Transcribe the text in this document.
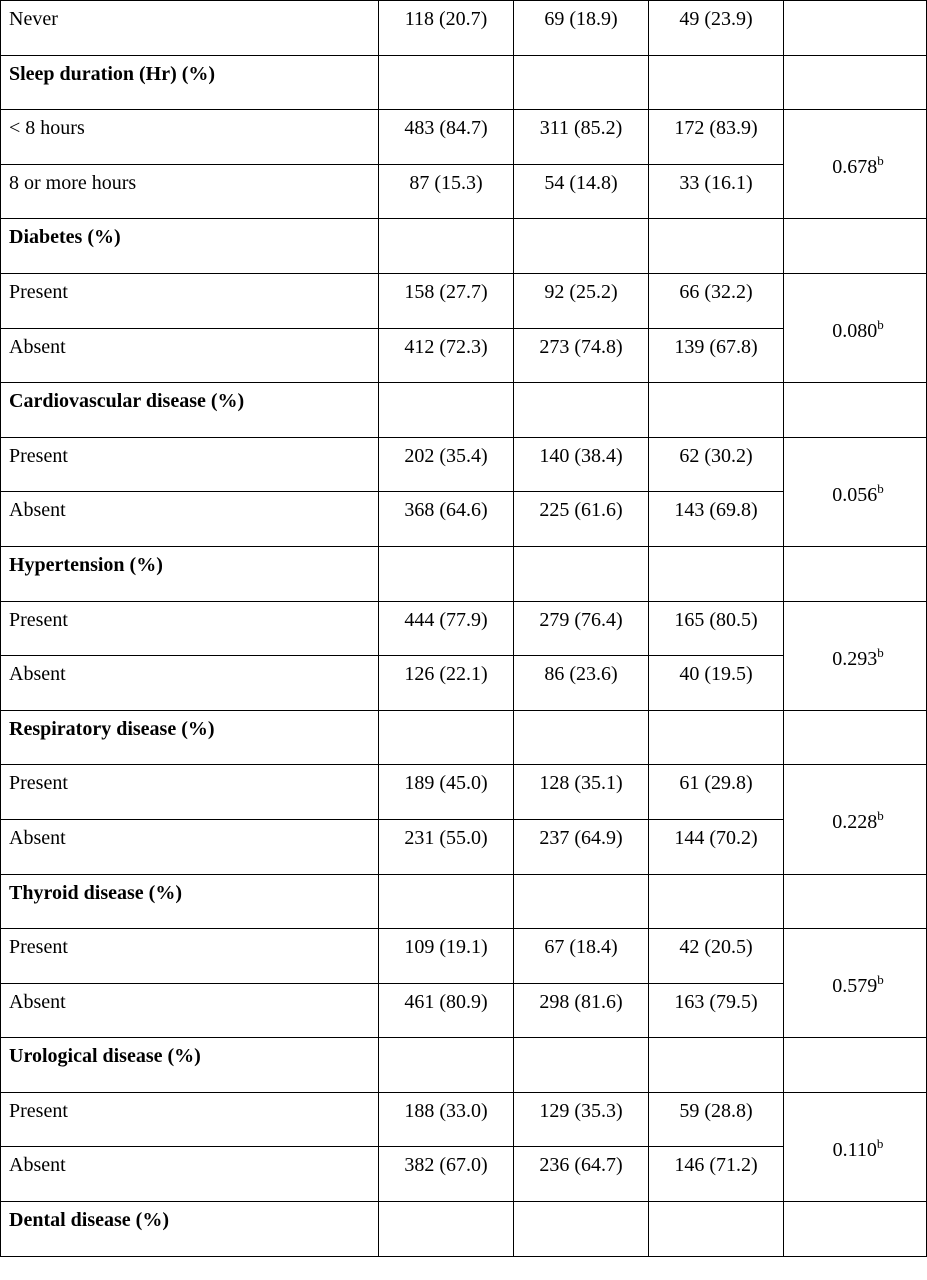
Never	118 (20.7)	69 (18.9)	49 (23.9)	

Sleep duration (Hr) (%)				

< 8 hours	483 (84.7)	311 (85.2)	172 (83.9)	0.678$^b$

8 or more hours	87 (15.3)	54 (14.8)	33 (16.1)	

Diabetes (%)				

Present	158 (27.7)	92 (25.2)	66 (32.2)	0.080$^b$

Absent	412 (72.3)	273 (74.8)	139 (67.8)	

Cardiovascular disease (%)				

Present	202 (35.4)	140 (38.4)	62 (30.2)	0.056$^b$

Absent	368 (64.6)	225 (61.6)	143 (69.8)	

Hypertension (%)				

Present	444 (77.9)	279 (76.4)	165 (80.5)	0.293$^b$

Absent	126 (22.1)	86 (23.6)	40 (19.5)	

Respiratory disease (%)				

Present	189 (45.0)	128 (35.1)	61 (29.8)	0.228$^b$

Absent	231 (55.0)	237 (64.9)	144 (70.2)	

Thyroid disease (%)				

Present	109 (19.1)	67 (18.4)	42 (20.5)	0.579$^b$

Absent	461 (80.9)	298 (81.6)	163 (79.5)	

Urological disease (%)				

Present	188 (33.0)	129 (35.3)	59 (28.8)	0.110$^b$

Absent	382 (67.0)	236 (64.7)	146 (71.2)	

Dental disease (%)				
